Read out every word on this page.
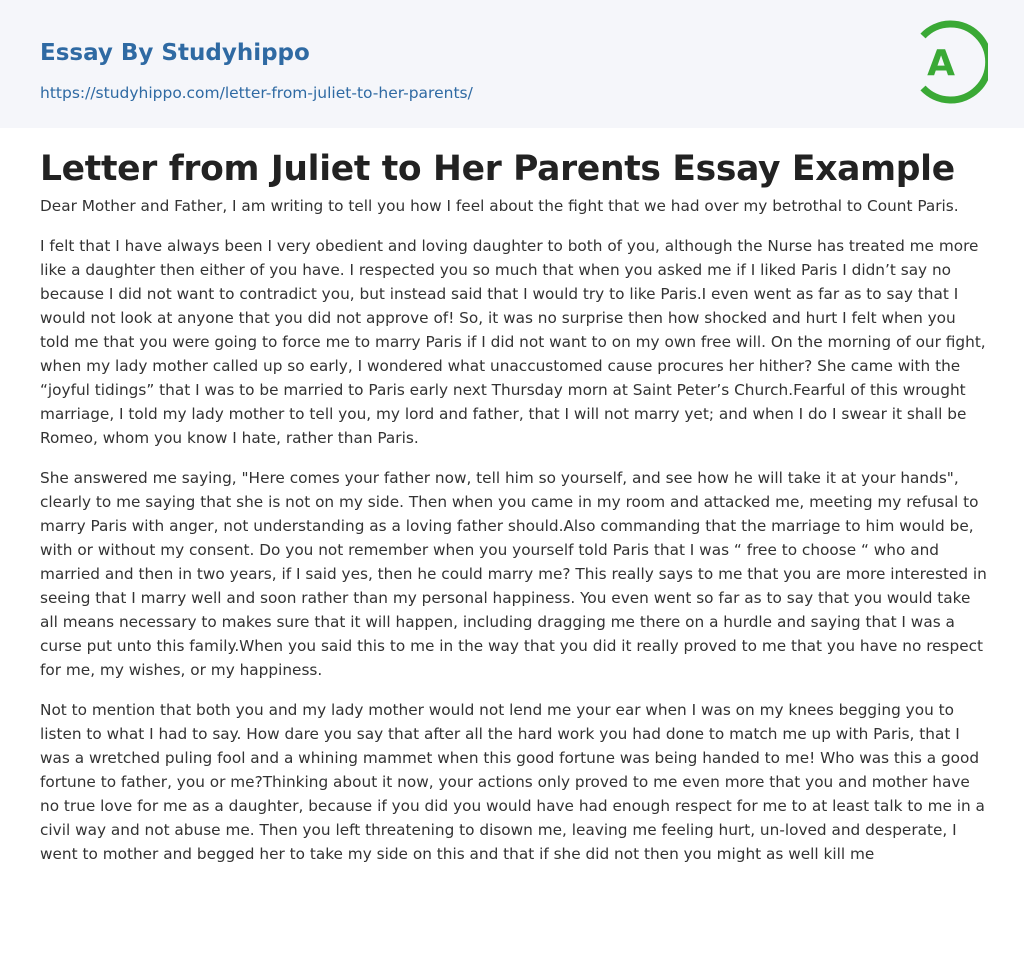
Essay By Studyhippo
https://studyhippo.com/letter-from-juliet-to-her-parents/
A
Letter from Juliet to Her Parents Essay Example

Dear Mother and Father, I am writing to tell you how I feel about the fight that we had over my betrothal to Count Paris.

I felt that I have always been I very obedient and loving daughter to both of you, although the Nurse has treated me more like a daughter then either of you have. I respected you so much that when you asked me if I liked Paris I didn’t say no because I did not want to contradict you, but instead said that I would try to like Paris.I even went as far as to say that I would not look at anyone that you did not approve of! So, it was no surprise then how shocked and hurt I felt when you told me that you were going to force me to marry Paris if I did not want to on my own free will. On the morning of our fight, when my lady mother called up so early, I wondered what unaccustomed cause procures her hither? She came with the “joyful tidings” that I was to be married to Paris early next Thursday morn at Saint Peter’s Church.Fearful of this wrought marriage, I told my lady mother to tell you, my lord and father, that I will not marry yet; and when I do I swear it shall be Romeo, whom you know I hate, rather than Paris.

She answered me saying, "Here comes your father now, tell him so yourself, and see how he will take it at your hands", clearly to me saying that she is not on my side. Then when you came in my room and attacked me, meeting my refusal to marry Paris with anger, not understanding as a loving father should.Also commanding that the marriage to him would be, with or without my consent. Do you not remember when you yourself told Paris that I was “ free to choose “ who and married and then in two years, if I said yes, then he could marry me? This really says to me that you are more interested in seeing that I marry well and soon rather than my personal happiness. You even went so far as to say that you would take all means necessary to makes sure that it will happen, including dragging me there on a hurdle and saying that I was a curse put unto this family.When you said this to me in the way that you did it really proved to me that you have no respect for me, my wishes, or my happiness.

Not to mention that both you and my lady mother would not lend me your ear when I was on my knees begging you to listen to what I had to say. How dare you say that after all the hard work you had done to match me up with Paris, that I was a wretched puling fool and a whining mammet when this good fortune was being handed to me! Who was this a good fortune to father, you or me?Thinking about it now, your actions only proved to me even more that you and mother have no true love for me as a daughter, because if you did you would have had enough respect for me to at least talk to me in a civil way and not abuse me. Then you left threatening to disown me, leaving me feeling hurt, un-loved and desperate, I went to mother and begged her to take my side on this and that if she did not then you might as well kill me
